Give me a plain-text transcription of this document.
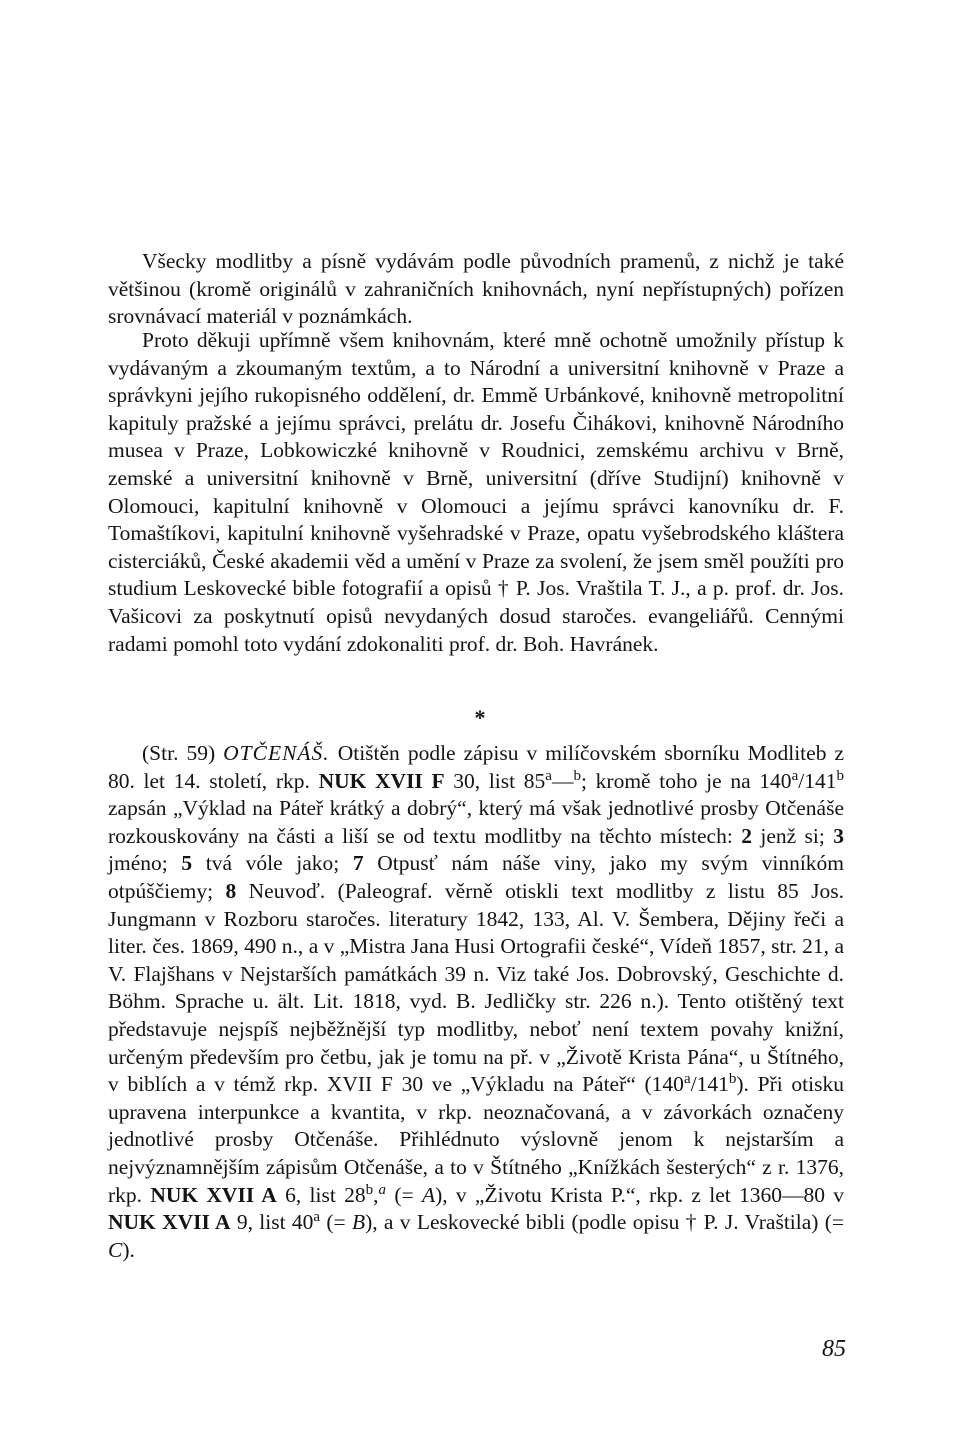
Všecky modlitby a písně vydávám podle původních pramenů, z nichž je také většinou (kromě originálů v zahraničních knihovnách, nyní nepřístupných) pořízen srovnávací materiál v poznámkách.

Proto děkuji upřímně všem knihovnám, které mně ochotně umožnily přístup k vydávaným a zkoumaným textům, a to Národní a universitní knihovně v Praze a správkyni jejího rukopisného oddělení, dr. Emmě Urbánkové, knihovně metropolitní kapituly pražské a jejímu správci, prelátu dr. Josefu Čihákovi, knihovně Národního musea v Praze, Lobkowiczké knihovně v Roudnici, zemskému archivu v Brně, zemské a universitní knihovně v Brně, universitní (dříve Studijní) knihovně v Olomouci, kapitulní knihovně v Olomouci a jejímu správci kanovníku dr. F. Tomaštíkovi, kapitulní knihovně vyšehradské v Praze, opatu vyšebrodského kláštera cisterciáků, České akademii věd a umění v Praze za svolení, že jsem směl použíti pro studium Leskovecké bible fotografií a opisů † P. Jos. Vraštila T. J., a p. prof. dr. Jos. Vašicovi za poskytnutí opisů nevydaných dosud staročes. evangeliářů. Cennými radami pomohl toto vydání zdokonaliti prof. dr. Boh. Havránek.

*

(Str. 59) OTČENÁŠ. Otištěn podle zápisu v milíčovském sborníku Modliteb z 80. let 14. století, rkp. NUK XVII F 30, list 85$^a$—$^b$; kromě toho je na 140$^a$/141$^b$ zapsán „Výklad na Páteř krátký a dobrý“, který má však jednotlivé prosby Otčenáše rozkouskovány na části a liší se od textu modlitby na těchto místech: 2 jenž si; 3 jméno; 5 tvá vóle jako; 7 Otpusť nám náše viny, jako my svým vinníkóm otpúščiemy; 8 Neuvoď. (Paleograf. věrně otiskli text modlitby z listu 85 Jos. Jungmann v Rozboru staročes. literatury 1842, 133, Al. V. Šembera, Dějiny řeči a liter. čes. 1869, 490 n., a v „Mistra Jana Husi Ortografii české“, Vídeň 1857, str. 21, a V. Flajšhans v Nejstarších památkách 39 n. Viz také Jos. Dobrovský, Geschichte d. Böhm. Sprache u. ält. Lit. 1818, vyd. B. Jedličky str. 226 n.). Tento otištěný text představuje nejspíš nejběžnější typ modlitby, neboť není textem povahy knižní, určeným především pro četbu, jak je tomu na př. v „Životě Krista Pána“, u Štítného, v biblích a v témž rkp. XVII F 30 ve „Výkladu na Páteř“ (140$^a$/141$^b$). Při otisku upravena interpunkce a kvantita, v rkp. neoznačovaná, a v závorkách označeny jednotlivé prosby Otčenáše. Přihlédnuto výslovně jenom k nejstarším a nejvýznamnějším zápisům Otčenáše, a to v Štítného „Knížkách šesterých“ z r. 1376, rkp. NUK XVII A 6, list 28$^b$,$^a$ (= A), v „Životu Krista P.“, rkp. z let 1360—80 v NUK XVII A 9, list 40$^a$ (= B), a v Leskovecké bibli (podle opisu † P. J. Vraštila) (= C).

85
